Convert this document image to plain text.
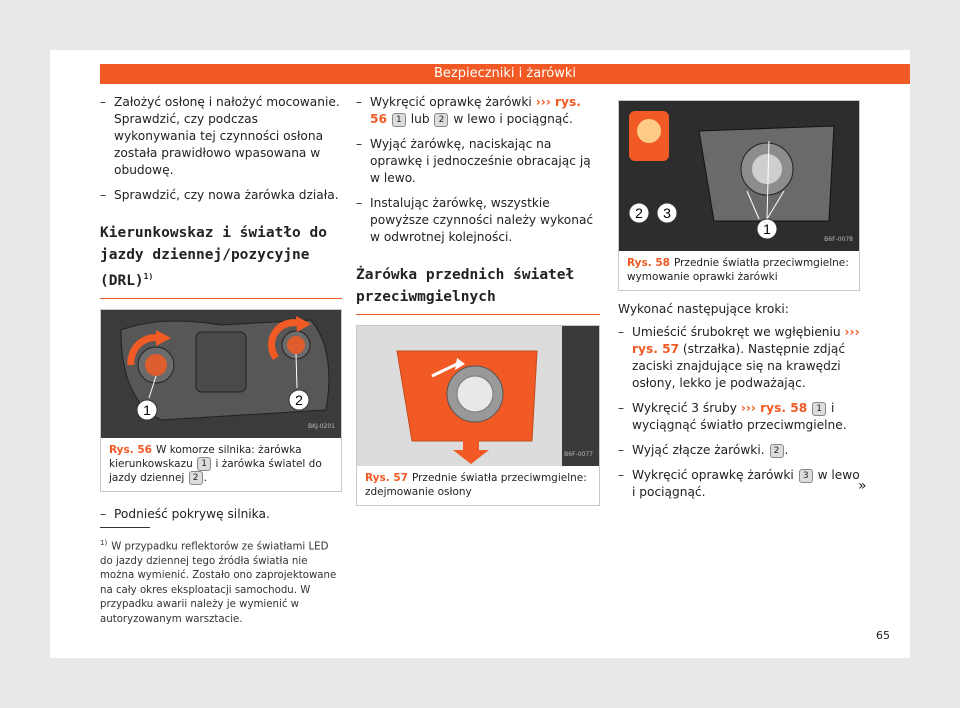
Bezpieczniki i żarówki
– Założyć osłonę i nałożyć mocowanie. Sprawdzić, czy podczas wykonywania tej czynności osłona została prawidłowo wpasowana w obudowę.
– Sprawdzić, czy nowa żarówka działa.
Kierunkowskaz i światło do jazdy dziennej/pozycyjne (DRL)$^{1)}$
1
2
BKJ-0201
Rys. 56 W komorze silnika: żarówka kierunkowskazu 1 i żarówka światel do jazdy dziennej 2 .
– Podnieść pokrywę silnika.
$^{1)}$ W przypadku reflektorów ze światłami LED do jazdy dziennej tego źródła światła nie można wymienić. Zostało ono zaprojektowane na cały okres eksploatacji samochodu. W przypadku awarii należy je wymienić w autoryzowanym warsztacie.
– Wykręcić oprawkę żarówki ››› rys. 56 1 lub 2 w lewo i pociągnąć.
– Wyjąć żarówkę, naciskając na oprawkę i jednocześnie obracając ją w lewo.
– Instalując żarówkę, wszystkie powyższe czynności należy wykonać w odwrotnej kolejności.
Żarówka przednich świateł przeciwmgielnych
B6F-0077
Rys. 57 Przednie światła przeciwmgielne: zdejmowanie osłony
1
2 3
B6F-0078
Rys. 58 Przednie światła przeciwmgielne: wymowanie oprawki żarówki
Wykonać następujące kroki:
– Umieścić śrubokręt we wgłębieniu ››› rys. 57 (strzałka). Następnie zdjąć zaciski znajdujące się na krawędzi osłony, lekko je podważając.
– Wykręcić 3 śruby ››› rys. 58 1 i wyciągnąć światło przeciwmgielne.
– Wyjąć złącze żarówki. 2 .
– Wykręcić oprawkę żarówki 3 w lewo i pociągnąć.	»
65
